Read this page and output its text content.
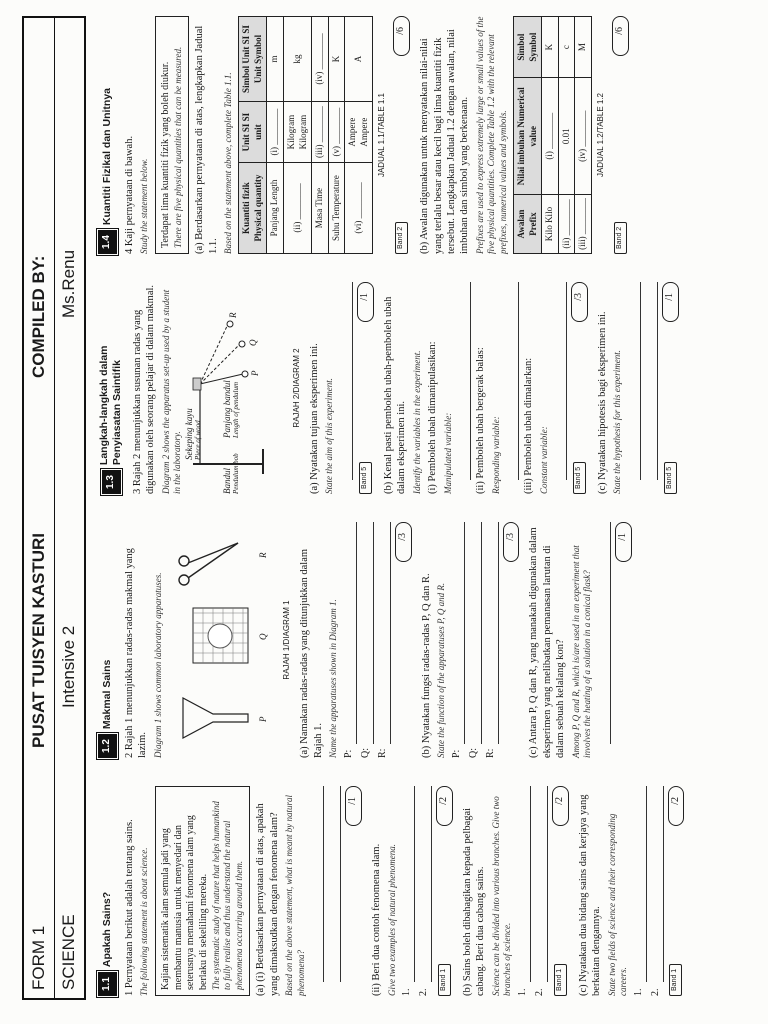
FORM 1
PUSAT TUISYEN KASTURI
COMPILED BY:
SCIENCE
Intensive 2
Ms.Renu
1.1
Apakah Sains? 1 Pernyataan berikut adalah tentang sains. The following statement is about science. Kajian sistematik alam semula jadi yang membantu manusia untuk menyedari dan seterusnya memahami fenomena alam yang berlaku di sekeliling mereka. The systematic study of nature that helps humankind to fully realise and thus understand the natural phenomena occurring around them. (a) (i) Berdasarkan pernyataan di atas, apakah yang dimaksudkan dengan fenomena alam? Based on the above statement, what is meant by natural phenomena?
/1
(ii) Beri dua contoh fenomena alam. Give two examples of natural phenomena. 1. 2.
Band 1
/2
(b) Sains boleh dibahagikan kepada pelbagai cabang. Beri dua cabang sains. Science can be divided into various branches. Give two branches of science. 1. 2.
Band 1
/2	(c) Nyatakan dua bidang sains dan kerjaya yang berkaitan dengannya. State two fields of science and their corresponding careers. 1. 2.
Band 1
/2
1.2
Makmal Sains 2 Rajah 1 menunjukkan radas-radas makmal yang lazim. Diagram 1 shows common laboratory apparatuses.	P
Q
R
RAJAH 1/DIAGRAM 1 (a) Namakan radas-radas yang ditunjukkan dalam Rajah 1. Name the apparatuses shown in Diagram 1. P: Q: R:
/3
(b) Nyatakan fungsi radas-radas P, Q dan R. State the function of the apparatuses P, Q and R. P: Q: R:
/3	(c) Antara P, Q dan R, yang manakah digunakan dalam eksperimen yang melibatkan pemanasan larutan di dalam sebuah kelalang kon? Among P, Q and R, which is/are used in an experiment that involves the heating of a solution in a conical flask?
/1
1.3
Langkah-langkah dalam Penyiasatan Saintifik 3 Rajah 2 menunjukkan susunan radas yang digunakan oleh seorang pelajar di dalam makmal. Diagram 2 shows the apparatus set-up used by a student in the laboratory. Sekeping kayu Piece of wood
Bandul Pendulum bob
Panjang bandul Length of pendulum
P
Q
R
RAJAH 2/DIAGRAM 2 (a) Nyatakan tujuan eksperimen ini. State the aim of this experiment.	Band 5
/1	(b) Kenal pasti pemboleh ubah-pemboleh ubah dalam eksperimen ini. Identify the variables in the experiment. (i) Pemboleh ubah dimanipulasikan: Manipulated variable: (ii) Pemboleh ubah bergerak balas: Responding variable: (iii) Pemboleh ubah dimalarkan: Constant variable:	Band 5
/3
(c) Nyatakan hipotesis bagi eksperimen ini. State the hypothesis for this experiment.	Band 5
/1
1.4
Kuantiti Fizikal dan Unitnya 4 Kaji pernyataan di bawah. Study the statement below. Terdapat lima kuantiti fizik yang boleh diukur. There are five physical quantities that can be measured. (a) Berdasarkan pernyataan di atas, lengkapkan Jadual 1.1. Based on the statement above, complete Table 1.1. Kuantiti fizik Physical quantity	Unit SI SI unit	Simbol Unit SI SI Unit Symbol
Panjang Length	(i) ________	m
(ii) ________	Kilogram Kilogram	kg
Masa Time	(iii) ________	(iv) ________
Suhu Temperature	(v) ________	K
(vi) ________	Ampere Ampere	A
JADUAL 1.1/TABLE 1.1
Band 2
/6
(b) Awalan digunakan untuk menyatakan nilai-nilai yang terlalu besar atau kecil bagi lima kuantiti fizik tersebut. Lengkapkan Jadual 1.2 dengan awalan, nilai imbuhan dan simbol yang berkenaan. Prefixes are used to express extremely large or small values of the five physical quantities. Complete Table 1.2 with the relevant prefixes, numerical values and symbols. Awalan Prefix	Nilai imbuhan Numerical value	Simbol Symbol
Kilo Kilo	(i) ________	K
(ii) ________	0.01	c
(iii) ________	(iv) ________	M
JADUAL 1.2/TABLE 1.2
Band 2
/6
